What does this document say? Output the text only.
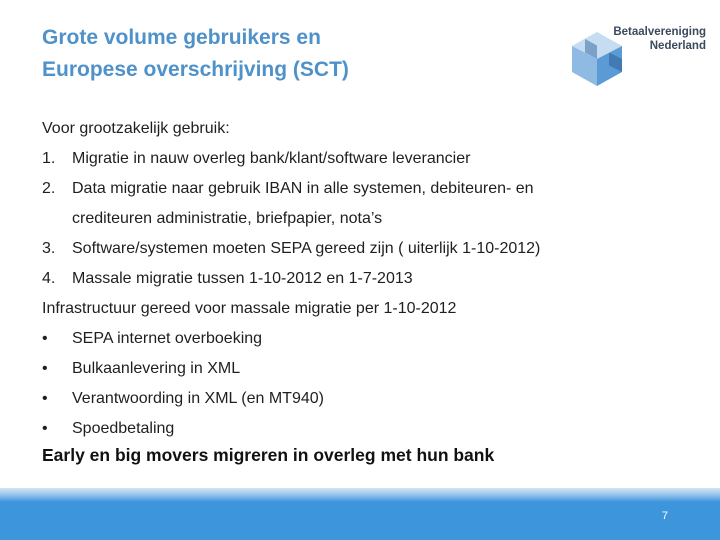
Grote volume gebruikers en
Europese overschrijving (SCT)
Betaalvereniging
Nederland
Voor grootzakelijk gebruik:
1. Migratie in nauw overleg bank/klant/software leverancier
2. Data migratie naar gebruik IBAN in alle systemen, debiteuren- en
crediteuren administratie, briefpapier, nota’s
3. Software/systemen moeten SEPA gereed zijn ( uiterlijk 1-10-2012)
4. Massale migratie tussen 1-10-2012 en 1-7-2013
Infrastructuur gereed voor massale migratie per 1-10-2012
• SEPA internet overboeking
• Bulkaanlevering in XML
• Verantwoording in XML (en MT940)
• Spoedbetaling
Early en big movers migreren in overleg met hun bank
7
